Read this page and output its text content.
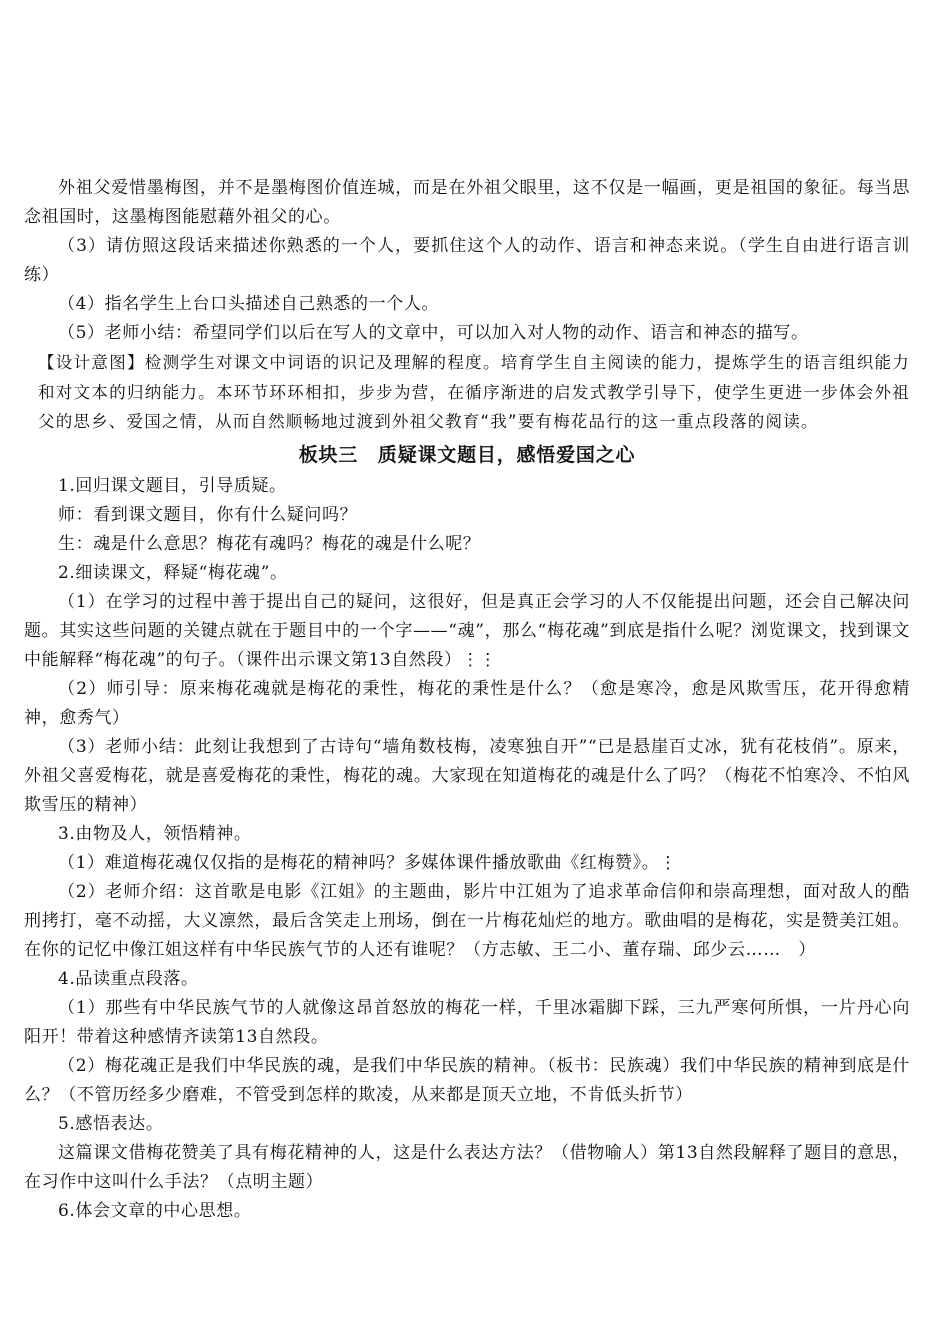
外祖父爱惜墨梅图，并不是墨梅图价值连城，而是在外祖父眼里，这不仅是一幅画，更是祖国的象征。每当思念祖国时，这墨梅图能慰藉外祖父的心。

（3）请仿照这段话来描述你熟悉的一个人，要抓住这个人的动作、语言和神态来说。（学生自由进行语言训练）

（4）指名学生上台口头描述自己熟悉的一个人。

（5）老师小结：希望同学们以后在写人的文章中，可以加入对人物的动作、语言和神态的描写。

【设计意图】检测学生对课文中词语的识记及理解的程度。培育学生自主阅读的能力，提炼学生的语言组织能力和对文本的归纳能力。本环节环环相扣，步步为营，在循序渐进的启发式教学引导下，使学生更进一步体会外祖父的思乡、爱国之情，从而自然顺畅地过渡到外祖父教育“我”要有梅花品行的这一重点段落的阅读。

板块三　质疑课文题目，感悟爱国之心

1.回归课文题目，引导质疑。

师：看到课文题目，你有什么疑问吗？

生：魂是什么意思？梅花有魂吗？梅花的魂是什么呢？

2.细读课文，释疑“梅花魂”。

（1）在学习的过程中善于提出自己的疑问，这很好，但是真正会学习的人不仅能提出问题，还会自己解决问题。其实这些问题的关键点就在于题目中的一个字——“魂”，那么“梅花魂”到底是指什么呢？浏览课文，找到课文中能解释“梅花魂”的句子。（课件出示课文第13自然段）⋮⋮

（2）师引导：原来梅花魂就是梅花的秉性，梅花的秉性是什么？（愈是寒冷，愈是风欺雪压，花开得愈精神，愈秀气）

（3）老师小结：此刻让我想到了古诗句“墙角数枝梅，凌寒独自开”“已是悬崖百丈冰，犹有花枝俏”。原来，外祖父喜爱梅花，就是喜爱梅花的秉性，梅花的魂。大家现在知道梅花的魂是什么了吗？（梅花不怕寒冷、不怕风欺雪压的精神）

3.由物及人，领悟精神。

（1）难道梅花魂仅仅指的是梅花的精神吗？多媒体课件播放歌曲《红梅赞》。⋮

（2）老师介绍：这首歌是电影《江姐》的主题曲，影片中江姐为了追求革命信仰和崇高理想，面对敌人的酷刑拷打，毫不动摇，大义凛然，最后含笑走上刑场，倒在一片梅花灿烂的地方。歌曲唱的是梅花，实是赞美江姐。在你的记忆中像江姐这样有中华民族气节的人还有谁呢？（方志敏、王二小、董存瑞、邱少云……　）

4.品读重点段落。

（1）那些有中华民族气节的人就像这昂首怒放的梅花一样，千里冰霜脚下踩，三九严寒何所惧，一片丹心向阳开！带着这种感情齐读第13自然段。

（2）梅花魂正是我们中华民族的魂，是我们中华民族的精神。（板书：民族魂）我们中华民族的精神到底是什么？（不管历经多少磨难，不管受到怎样的欺凌，从来都是顶天立地，不肯低头折节）

5.感悟表达。

这篇课文借梅花赞美了具有梅花精神的人，这是什么表达方法？（借物喻人）第13自然段解释了题目的意思，在习作中这叫什么手法？（点明主题）

6.体会文章的中心思想。
